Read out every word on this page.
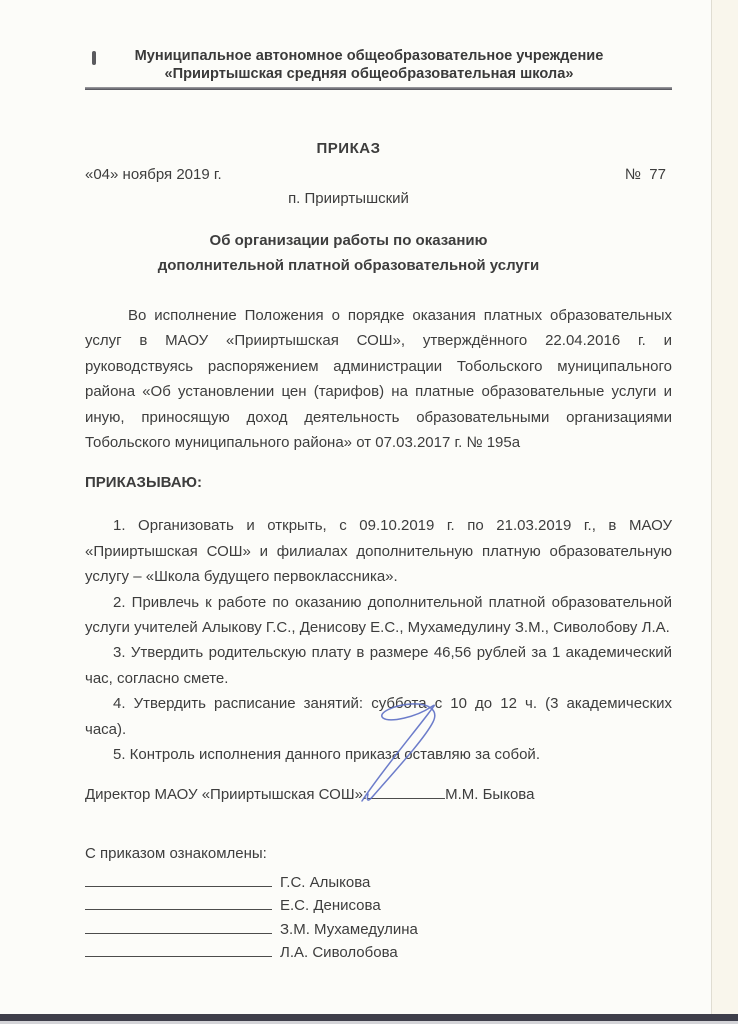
Муниципальное автономное общеобразовательное учреждение
«Прииртышская средняя общеобразовательная школа»
ПРИКАЗ
«04» ноября 2019 г.	№  77
п. Прииртышский
Об организации работы по оказанию
дополнительной платной образовательной услуги

Во исполнение Положения о порядке оказания платных образовательных услуг в МАОУ «Прииртышская СОШ», утверждённого 22.04.2016 г. и руководствуясь распоряжением администрации Тобольского муниципального района «Об установлении цен (тарифов) на платные образовательные услуги и иную, приносящую доход деятельность образовательными организациями Тобольского муниципального района» от 07.03.2017 г. № 195а

ПРИКАЗЫВАЮ:

1. Организовать и открыть, с 09.10.2019 г. по 21.03.2019 г., в МАОУ «Прииртышская СОШ» и филиалах дополнительную платную образовательную услугу – «Школа будущего первоклассника».

2. Привлечь к работе по оказанию дополнительной платной образовательной услуги учителей Алыкову Г.С., Денисову Е.С., Мухамедулину З.М., Сиволобову Л.А.

3. Утвердить родительскую плату в размере 46,56 рублей за 1 академический час, согласно смете.

4. Утвердить расписание занятий: суббота с 10 до 12 ч. (3 академических часа).

5. Контроль исполнения данного приказа оставляю за собой.

Директор МАОУ «Прииртышская СОШ»:	М.М. Быкова
С приказом ознакомлены:
Г.С. Алыкова
Е.С. Денисова
З.М. Мухамедулина
Л.А. Сиволобова
